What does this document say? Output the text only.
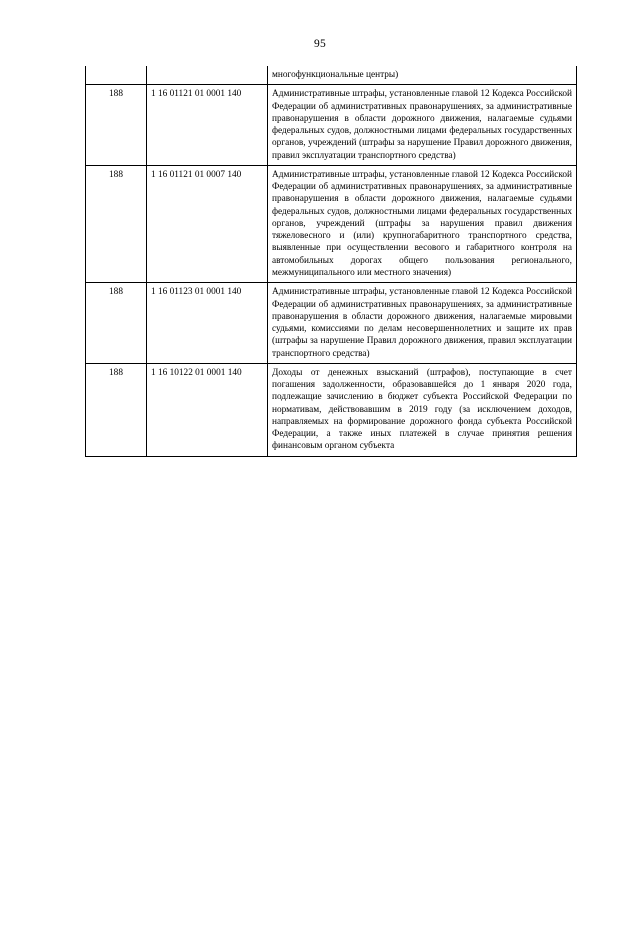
95
		многофункциональные центры)
188	1 16 01121 01 0001 140	Административные штрафы, установленные главой 12 Кодекса Российской Федерации об административных правонарушениях, за административные правонарушения в области дорожного движения, налагаемые судьями федеральных судов, должностными лицами федеральных государственных органов, учреждений (штрафы за нарушение Правил дорожного движения, правил эксплуатации транспортного средства)
188	1 16 01121 01 0007 140	Административные штрафы, установленные главой 12 Кодекса Российской Федерации об административных правонарушениях, за административные правонарушения в области дорожного движения, налагаемые судьями федеральных судов, должностными лицами федеральных государственных органов, учреждений (штрафы за нарушения правил движения тяжеловесного и (или) крупногабаритного транспортного средства, выявленные при осуществлении весового и габаритного контроля на автомобильных дорогах общего пользования регионального, межмуниципального или местного значения)
188	1 16 01123 01 0001 140	Административные штрафы, установленные главой 12 Кодекса Российской Федерации об административных правонарушениях, за административные правонарушения в области дорожного движения, налагаемые мировыми судьями, комиссиями по делам несовершеннолетних и защите их прав (штрафы за нарушение Правил дорожного движения, правил эксплуатации транспортного средства)
188	1 16 10122 01 0001 140	Доходы от денежных взысканий (штрафов), поступающие в счет погашения задолженности, образовавшейся до 1 января 2020 года, подлежащие зачислению в бюджет субъекта Российской Федерации по нормативам, действовавшим в 2019 году (за исключением доходов, направляемых на формирование дорожного фонда субъекта Российской Федерации, а также иных платежей в случае принятия решения финансовым органом субъекта
